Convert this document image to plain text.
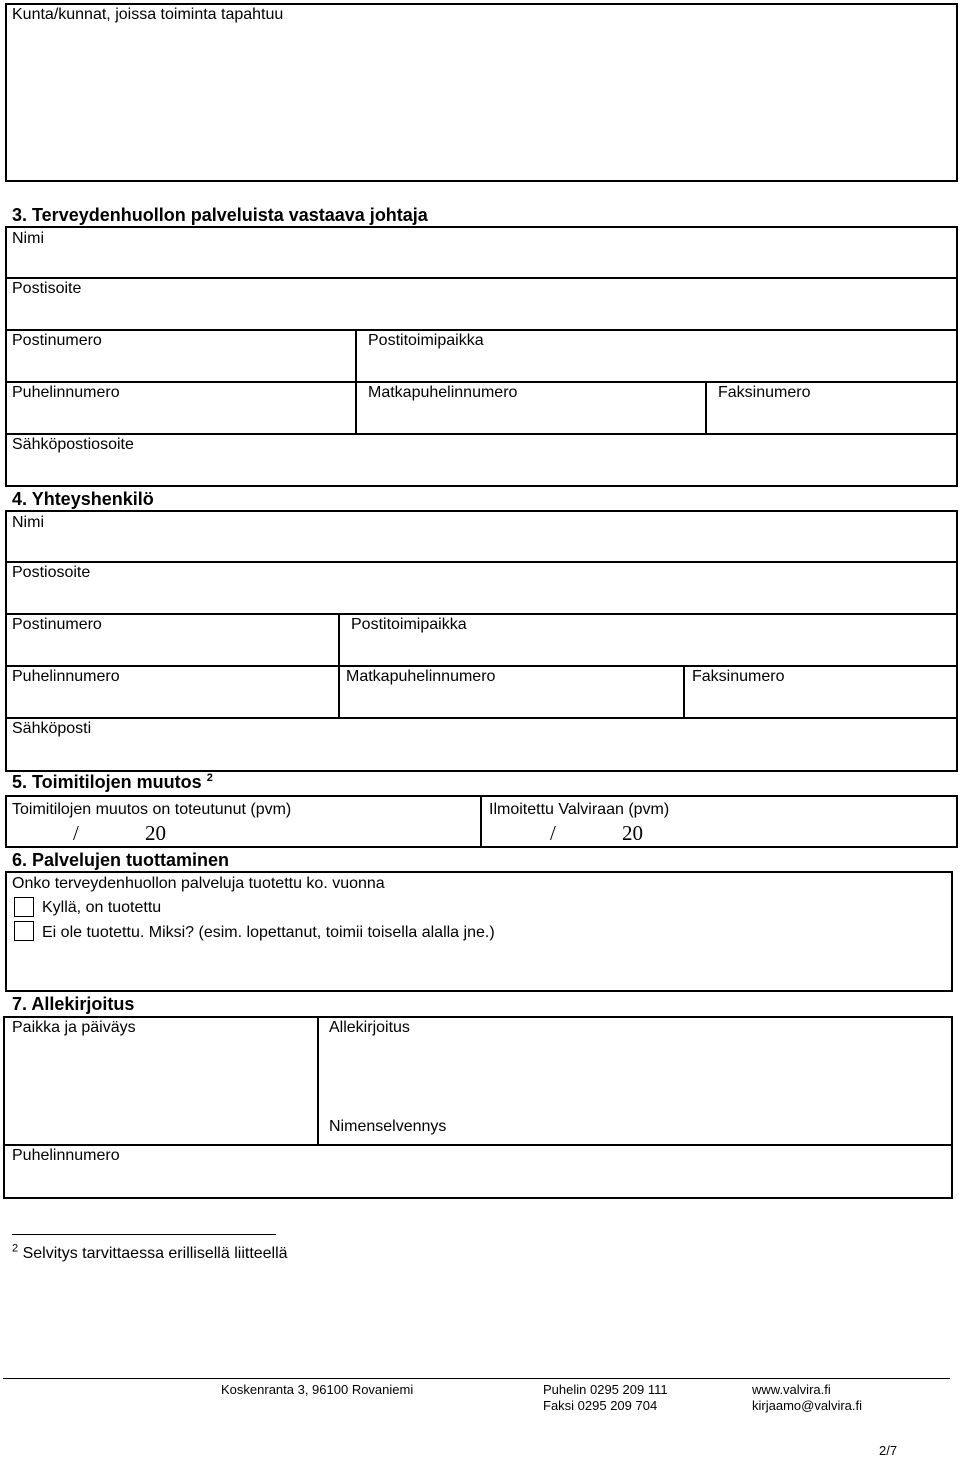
Kunta/kunnat, joissa toiminta tapahtuu
3. Terveydenhuollon palveluista vastaava johtaja
Nimi
Postisoite
Postinumero	Postitoimipaikka
Puhelinnumero	Matkapuhelinnumero	Faksinumero
Sähköpostiosoite
4. Yhteyshenkilö
Nimi
Postiosoite
Postinumero	Postitoimipaikka
Puhelinnumero	Matkapuhelinnumero	Faksinumero
Sähköposti
5. Toimitilojen muutos $^2$
Toimitilojen muutos on toteutunut (pvm)
/	20
Ilmoitettu Valviraan (pvm)
/	20
6. Palvelujen tuottaminen
Onko terveydenhuollon palveluja tuotettu ko. vuonna
Kyllä, on tuotettu
Ei ole tuotettu. Miksi? (esim. lopettanut, toimii toisella alalla jne.)
7. Allekirjoitus
Paikka ja päiväys	Allekirjoitus
Nimenselvennys
Puhelinnumero
$^2$ Selvitys tarvittaessa erillisellä liitteellä
Koskenranta 3, 96100 Rovaniemi	Puhelin 0295 209 111
Faksi 0295 209 704
www.valvira.fi
kirjaamo@valvira.fi
2/7
